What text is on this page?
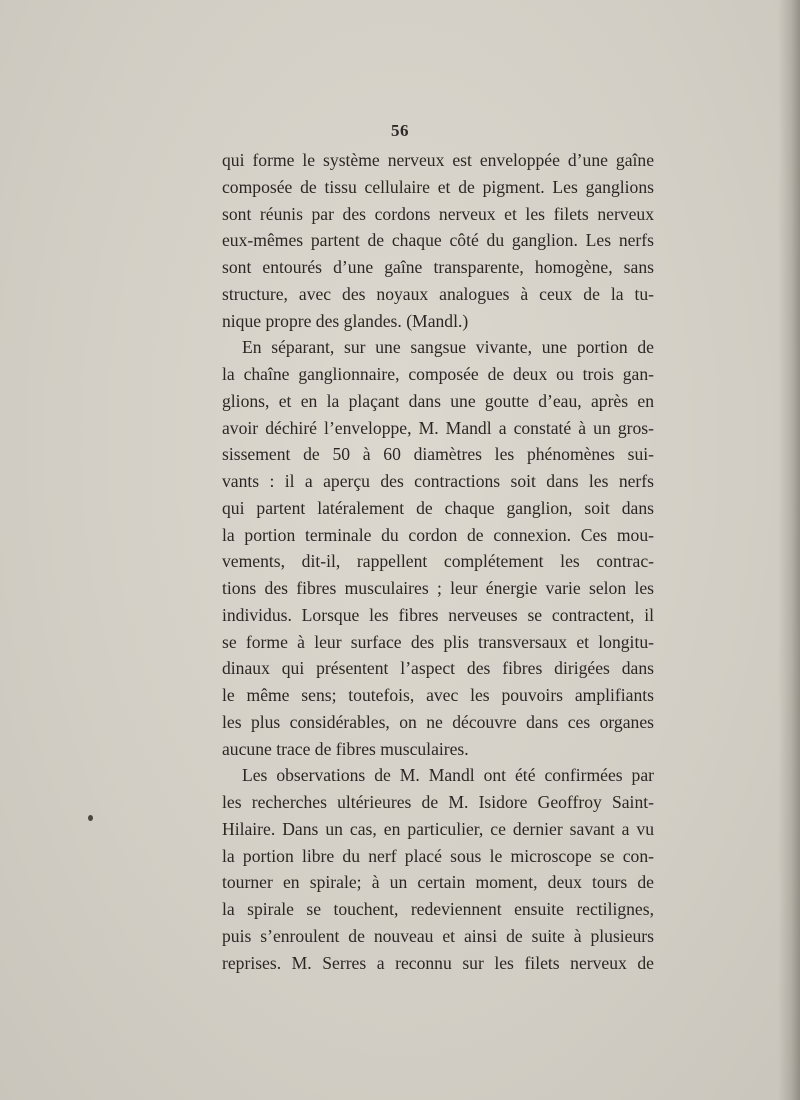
56
qui forme le système nerveux est enveloppée d’une gaîne
composée de tissu cellulaire et de pigment. Les ganglions
sont réunis par des cordons nerveux et les filets nerveux
eux-mêmes partent de chaque côté du ganglion. Les nerfs
sont entourés d’une gaîne transparente, homogène, sans
structure, avec des noyaux analogues à ceux de la tu-
nique propre des glandes. (Mandl.)
En séparant, sur une sangsue vivante, une portion de
la chaîne ganglionnaire, composée de deux ou trois gan-
glions, et en la plaçant dans une goutte d’eau, après en
avoir déchiré l’enveloppe, M. Mandl a constaté à un gros-
sissement de 50 à 60 diamètres les phénomènes sui-
vants : il a aperçu des contractions soit dans les nerfs
qui partent latéralement de chaque ganglion, soit dans
la portion terminale du cordon de connexion. Ces mou-
vements, dit-il, rappellent complétement les contrac-
tions des fibres musculaires ; leur énergie varie selon les
individus. Lorsque les fibres nerveuses se contractent, il
se forme à leur surface des plis transversaux et longitu-
dinaux qui présentent l’aspect des fibres dirigées dans
le même sens; toutefois, avec les pouvoirs amplifiants
les plus considérables, on ne découvre dans ces organes
aucune trace de fibres musculaires.
Les observations de M. Mandl ont été confirmées par
les recherches ultérieures de M. Isidore Geoffroy Saint-
Hilaire. Dans un cas, en particulier, ce dernier savant a vu
la portion libre du nerf placé sous le microscope se con-
tourner en spirale; à un certain moment, deux tours de
la spirale se touchent, redeviennent ensuite rectilignes,
puis s’enroulent de nouveau et ainsi de suite à plusieurs
reprises. M. Serres a reconnu sur les filets nerveux de
